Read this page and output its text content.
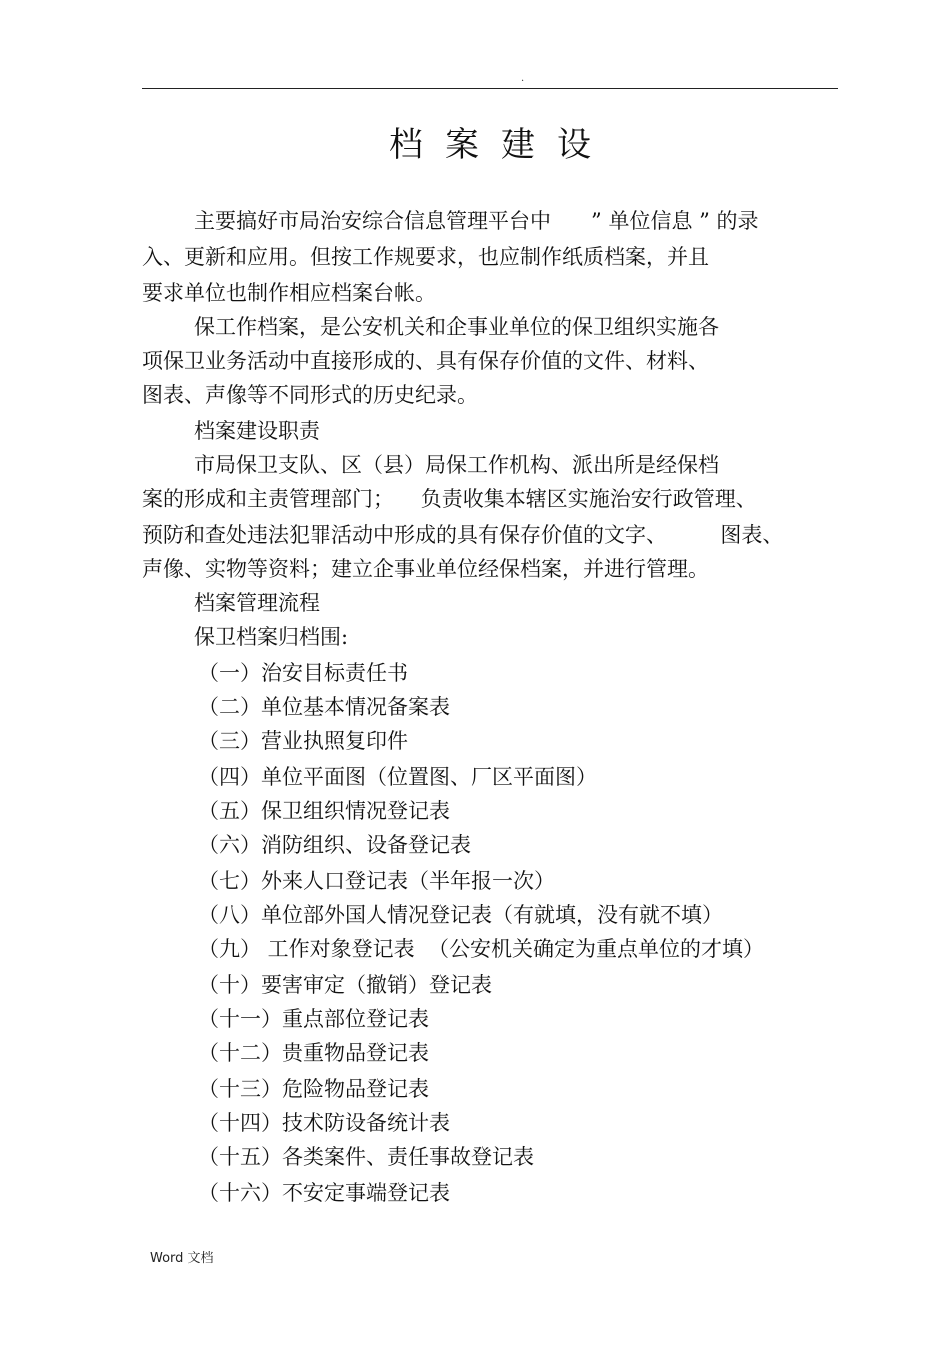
.
档案建设
主要搞好市局治安综合信息管理平台中      ” 单位信息 ” 的录
入、更新和应用。但按工作规要求，也应制作纸质档案，并且
要求单位也制作相应档案台帐。
保工作档案，是公安机关和企事业单位的保卫组织实施各
项保卫业务活动中直接形成的、具有保存价值的文件、材料、
图表、声像等不同形式的历史纪录。
档案建设职责
市局保卫支队、区（县）局保工作机构、派出所是经保档
案的形成和主责管理部门；    负责收集本辖区实施治安行政管理、
预防和查处违法犯罪活动中形成的具有保存价值的文字、        图表、
声像、实物等资料；建立企事业单位经保档案，并进行管理。
档案管理流程
保卫档案归档围:
（一）治安目标责任书
（二）单位基本情况备案表
（三）营业执照复印件
（四）单位平面图（位置图、厂区平面图）
（五）保卫组织情况登记表
（六）消防组织、设备登记表
（七）外来人口登记表（半年报一次）
（八）单位部外国人情况登记表（有就填，没有就不填）
（九） 工作对象登记表  （公安机关确定为重点单位的才填）
（十）要害审定（撤销）登记表
（十一）重点部位登记表
（十二）贵重物品登记表
（十三）危险物品登记表
（十四）技术防设备统计表
（十五）各类案件、责任事故登记表
（十六）不安定事端登记表
Word 文档
